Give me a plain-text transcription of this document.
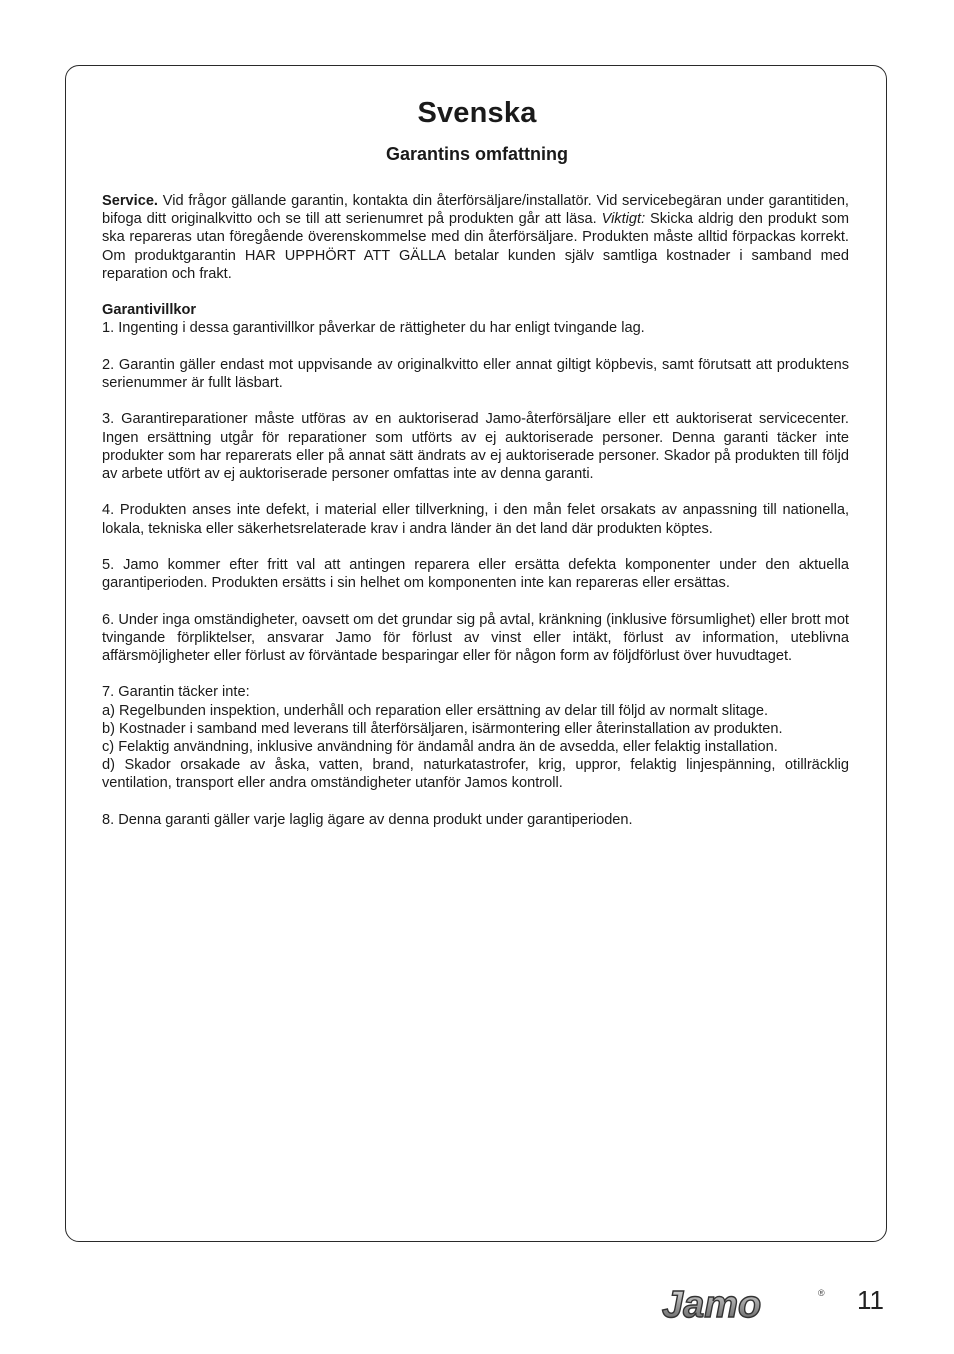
Svenska
Garantins omfattning

Service. Vid frågor gällande garantin, kontakta din återförsäljare/installatör. Vid servicebegäran under garantitiden, bifoga ditt originalkvitto och se till att serienumret på produkten går att läsa. Viktigt: Skicka aldrig den produkt som ska repareras utan föregående överenskommelse med din återförsäljare. Produkten måste alltid förpackas korrekt. Om produktgarantin HAR UPPHÖRT ATT GÄLLA betalar kunden själv samtliga kostnader i samband med reparation och frakt.

Garantivillkor

1. Ingenting i dessa garantivillkor påverkar de rättigheter du har enligt tvingande lag.

2. Garantin gäller endast mot uppvisande av originalkvitto eller annat giltigt köpbevis, samt förutsatt att produktens serienummer är fullt läsbart.

3. Garantireparationer måste utföras av en auktoriserad Jamo-återförsäljare eller ett auktoriserat servicecenter. Ingen ersättning utgår för reparationer som utförts av ej auktoriserade personer. Denna garanti täcker inte produkter som har reparerats eller på annat sätt ändrats av ej auktoriserade personer. Skador på produkten till följd av arbete utfört av ej auktoriserade personer omfattas inte av denna garanti.

4. Produkten anses inte defekt, i material eller tillverkning, i den mån felet orsakats av anpassning till nationella, lokala, tekniska eller säkerhetsrelaterade krav i andra länder än det land där produkten köptes.

5. Jamo kommer efter fritt val att antingen reparera eller ersätta defekta komponenter under den aktuella garantiperioden. Produkten ersätts i sin helhet om komponenten inte kan repareras eller ersättas.

6. Under inga omständigheter, oavsett om det grundar sig på avtal, kränkning (inklusive försumlighet) eller brott mot tvingande förpliktelser, ansvarar Jamo för förlust av vinst eller intäkt, förlust av information, uteblivna affärsmöjligheter eller förlust av förväntade besparingar eller för någon form av följdförlust över huvudtaget.

7. Garantin täcker inte:

a) Regelbunden inspektion, underhåll och reparation eller ersättning av delar till följd av normalt slitage.

b) Kostnader i samband med leverans till återförsäljaren, isärmontering eller återinstallation av produkten.

c) Felaktig användning, inklusive användning för ändamål andra än de avsedda, eller felaktig installation.

d) Skador orsakade av åska, vatten, brand, naturkatastrofer, krig, uppror, felaktig linjespänning, otillräcklig ventilation, transport eller andra omständigheter utanför Jamos kontroll.

8. Denna garanti gäller varje laglig ägare av denna produkt under garantiperioden.

Jamo	® 11
